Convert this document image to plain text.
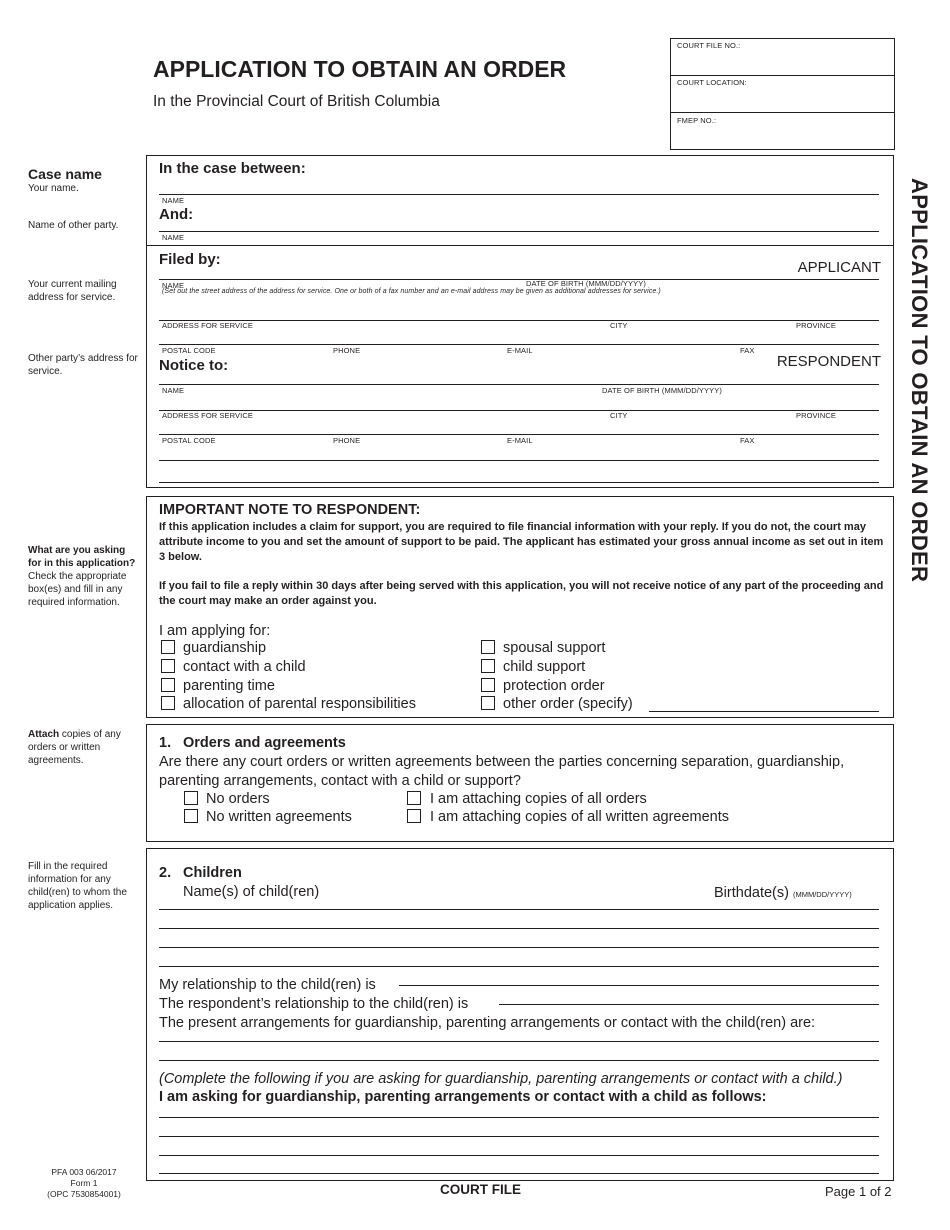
APPLICATION TO OBTAIN AN ORDER
In the Provincial Court of British Columbia
COURT FILE NO.:
COURT LOCATION:
FMEP NO.:
APPLICATION TO OBTAIN AN ORDER
Case name
Your name.
Name of other party.
Your current mailing address for service.
Other party’s address for service.
What are you asking for in this application? Check the appropriate box(es) and fill in any required information.
Attach copies of any orders or written agreements.
Fill in the required information for any child(ren) to whom the application applies.
In the case between:
NAME
And:
NAME
Filed by:	APPLICANT
NAME	DATE OF BIRTH (MMM/DD/YYYY)
(Set out the street address of the address for service. One or both of a fax number and an e-mail address may be given as additional addresses for service.)
ADDRESS FOR SERVICE	CITY	PROVINCE
POSTAL CODE	PHONE	E-MAIL	FAX
Notice to:	RESPONDENT
NAME	DATE OF BIRTH (MMM/DD/YYYY)
ADDRESS FOR SERVICE	CITY	PROVINCE
POSTAL CODE	PHONE	E-MAIL	FAX
IMPORTANT NOTE TO RESPONDENT:
If this application includes a claim for support, you are required to file financial information with your reply. If you do not, the court may attribute income to you and set the amount of support to be paid. The applicant has estimated your gross annual income as set out in item 3 below.
If you fail to file a reply within 30 days after being served with this application, you will not receive notice of any part of the proceeding and the court may make an order against you.
I am applying for:
guardianship
contact with a child
parenting time
allocation of parental responsibilities
spousal support
child support
protection order
other order (specify)
1. Orders and agreements
Are there any court orders or written agreements between the parties concerning separation, guardianship, parenting arrangements, contact with a child or support?
No orders
No written agreements
I am attaching copies of all orders
I am attaching copies of all written agreements
2. Children
Name(s) of child(ren)	Birthdate(s) (MMM/DD/YYYY)
My relationship to the child(ren) is
The respondent’s relationship to the child(ren) is
The present arrangements for guardianship, parenting arrangements or contact with the child(ren) are:
(Complete the following if you are asking for guardianship, parenting arrangements or contact with a child.)
I am asking for guardianship, parenting arrangements or contact with a child as follows:
PFA 003 06/2017
Form 1
(OPC 7530854001)	COURT FILE	Page 1 of 2
